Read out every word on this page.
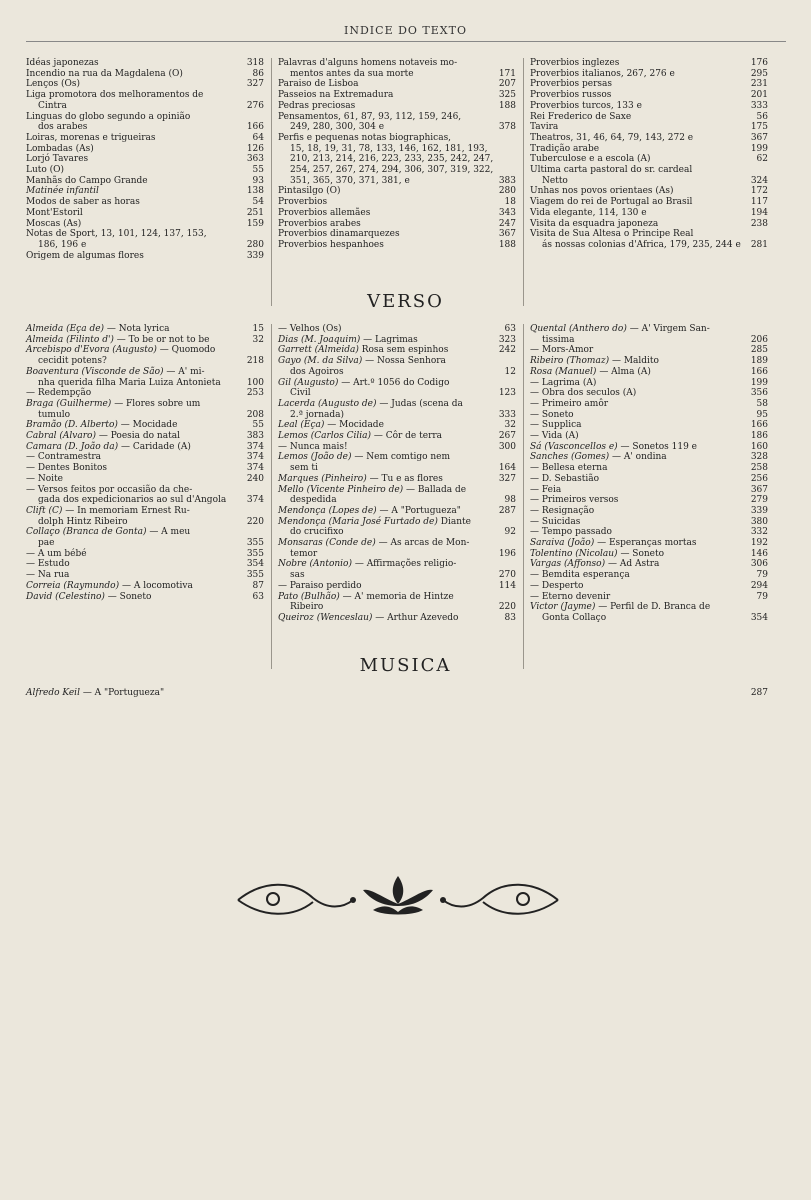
INDICE DO TEXTO
Idéas japonezas	318
Incendio na rua da Magdalena (O)	86
Lenços (Os)	327
Liga promotora dos melhoramentos de
Cintra	276
Linguas do globo segundo a opinião
dos arabes	166
Loiras, morenas e trigueiras	64
Lombadas (As)	126
Lorjó Tavares	363
Luto (O)	55
Manhãs do Campo Grande	93
Matinée infantil	138
Modos de saber as horas	54
Mont'Estoril	251
Moscas (As)	159
Notas de Sport, 13, 101, 124, 137, 153,
186, 196 e	280
Origem de algumas flores	339
Palavras d'alguns homens notaveis mo-
mentos antes da sua morte	171
Paraiso de Lisboa	207
Passeios na Extremadura	325
Pedras preciosas	188
Pensamentos, 61, 87, 93, 112, 159, 246,
249, 280, 300, 304 e	378
Perfis e pequenas notas biographicas,
15, 18, 19, 31, 78, 133, 146, 162, 181, 193, 210, 213, 214, 216, 223, 233, 235, 242, 247, 254, 257, 267, 274, 294, 306, 307, 319, 322, 351, 365, 370, 371, 381, e	383
Pintasilgo (O)	280
Proverbios	18
Proverbios allemães	343
Proverbios arabes	247
Proverbios dinamarquezes	367
Proverbios hespanhoes	188
Proverbios inglezes	176
Proverbios italianos, 267, 276 e	295
Proverbios persas	231
Proverbios russos	201
Proverbios turcos, 133 e	333
Rei Frederico de Saxe	56
Tavira	175
Theatros, 31, 46, 64, 79, 143, 272 e	367
Tradição arabe	199
Tuberculose e a escola (A)	62
Ultima carta pastoral do sr. cardeal
Netto	324
Unhas nos povos orientaes (As)	172
Viagem do rei de Portugal ao Brasil	117
Vida elegante, 114, 130 e	194
Visita da esquadra japoneza	238
Visita de Sua Altesa o Principe Real
ás nossas colonias d'Africa, 179, 235, 244 e	281
VERSO
Almeida (Eça de) — Nota lyrica	15
Almeida (Filinto d') — To be or not to be	32
Arcebispo d'Evora (Augusto) — Quomodo
cecidit potens?	218
Boaventura (Visconde de São) — A' mi-
nha querida filha Maria Luiza Antonieta	100
— Redempção	253
Braga (Guilherme) — Flores sobre um
tumulo	208
Bramão (D. Alberto) — Mocidade	55
Cabral (Alvaro) — Poesia do natal	383
Camara (D. João da) — Caridade (A)	374
— Contramestra	374
— Dentes Bonitos	374
— Noite	240
— Versos feitos por occasião da che-
gada dos expedicionarios ao sul d'Angola	374
Clift (C) — In memoriam Ernest Ru-
dolph Hintz Ribeiro	220
Collaço (Branca de Gonta) — A meu
pae	355
— A um bébé	355
— Estudo	354
— Na rua	355
Correia (Raymundo) — A locomotiva	87
David (Celestino) — Soneto	63
— Velhos (Os)	63
Dias (M. Joaquim) — Lagrimas	323
Garrett (Almeida) Rosa sem espinhos	242
Gayo (M. da Silva) — Nossa Senhora
dos Agoiros	12
Gil (Augusto) — Art.º 1056 do Codigo
Civil	123
Lacerda (Augusto de) — Judas (scena da
2.ª jornada)	333
Leal (Eça) — Mocidade	32
Lemos (Carlos Cilia) — Côr de terra	267
— Nunca mais!	300
Lemos (João de) — Nem comtigo nem
sem ti	164
Marques (Pinheiro) — Tu e as flores	327
Mello (Vicente Pinheiro de) — Ballada de
despedida	98
Mendonça (Lopes de) — A "Portugueza"	287
Mendonça (Maria José Furtado de) Diante
do crucifixo	92
Monsaras (Conde de) — As arcas de Mon-
temor	196
Nobre (Antonio) — Affirmações religio-
sas	270
— Paraiso perdido	114
Pato (Bulhão) — A' memoria de Hintze
Ribeiro	220
Queiroz (Wenceslau) — Arthur Azevedo	83
Quental (Anthero do) — A' Virgem San-
tissima	206
— Mors-Amor	285
Ribeiro (Thomaz) — Maldito	189
Rosa (Manuel) — Alma (A)	166
— Lagrima (A)	199
— Obra dos seculos (A)	356
— Primeiro amôr	58
— Soneto	95
— Supplica	166
— Vida (A)	186
Sá (Vasconcellos e) — Sonetos 119 e	160
Sanches (Gomes) — A' ondina	328
— Bellesa eterna	258
— D. Sebastião	256
— Feia	367
— Primeiros versos	279
— Resignação	339
— Suicidas	380
— Tempo passado	332
Saraiva (João) — Esperanças mortas	192
Tolentino (Nicolau) — Soneto	146
Vargas (Affonso) — Ad Astra	306
— Bemdita esperança	79
— Desperto	294
— Eterno devenir	79
Victor (Jayme) — Perfil de D. Branca de
Gonta Collaço	354
MUSICA
Alfredo Keil — A "Portugueza"	287
